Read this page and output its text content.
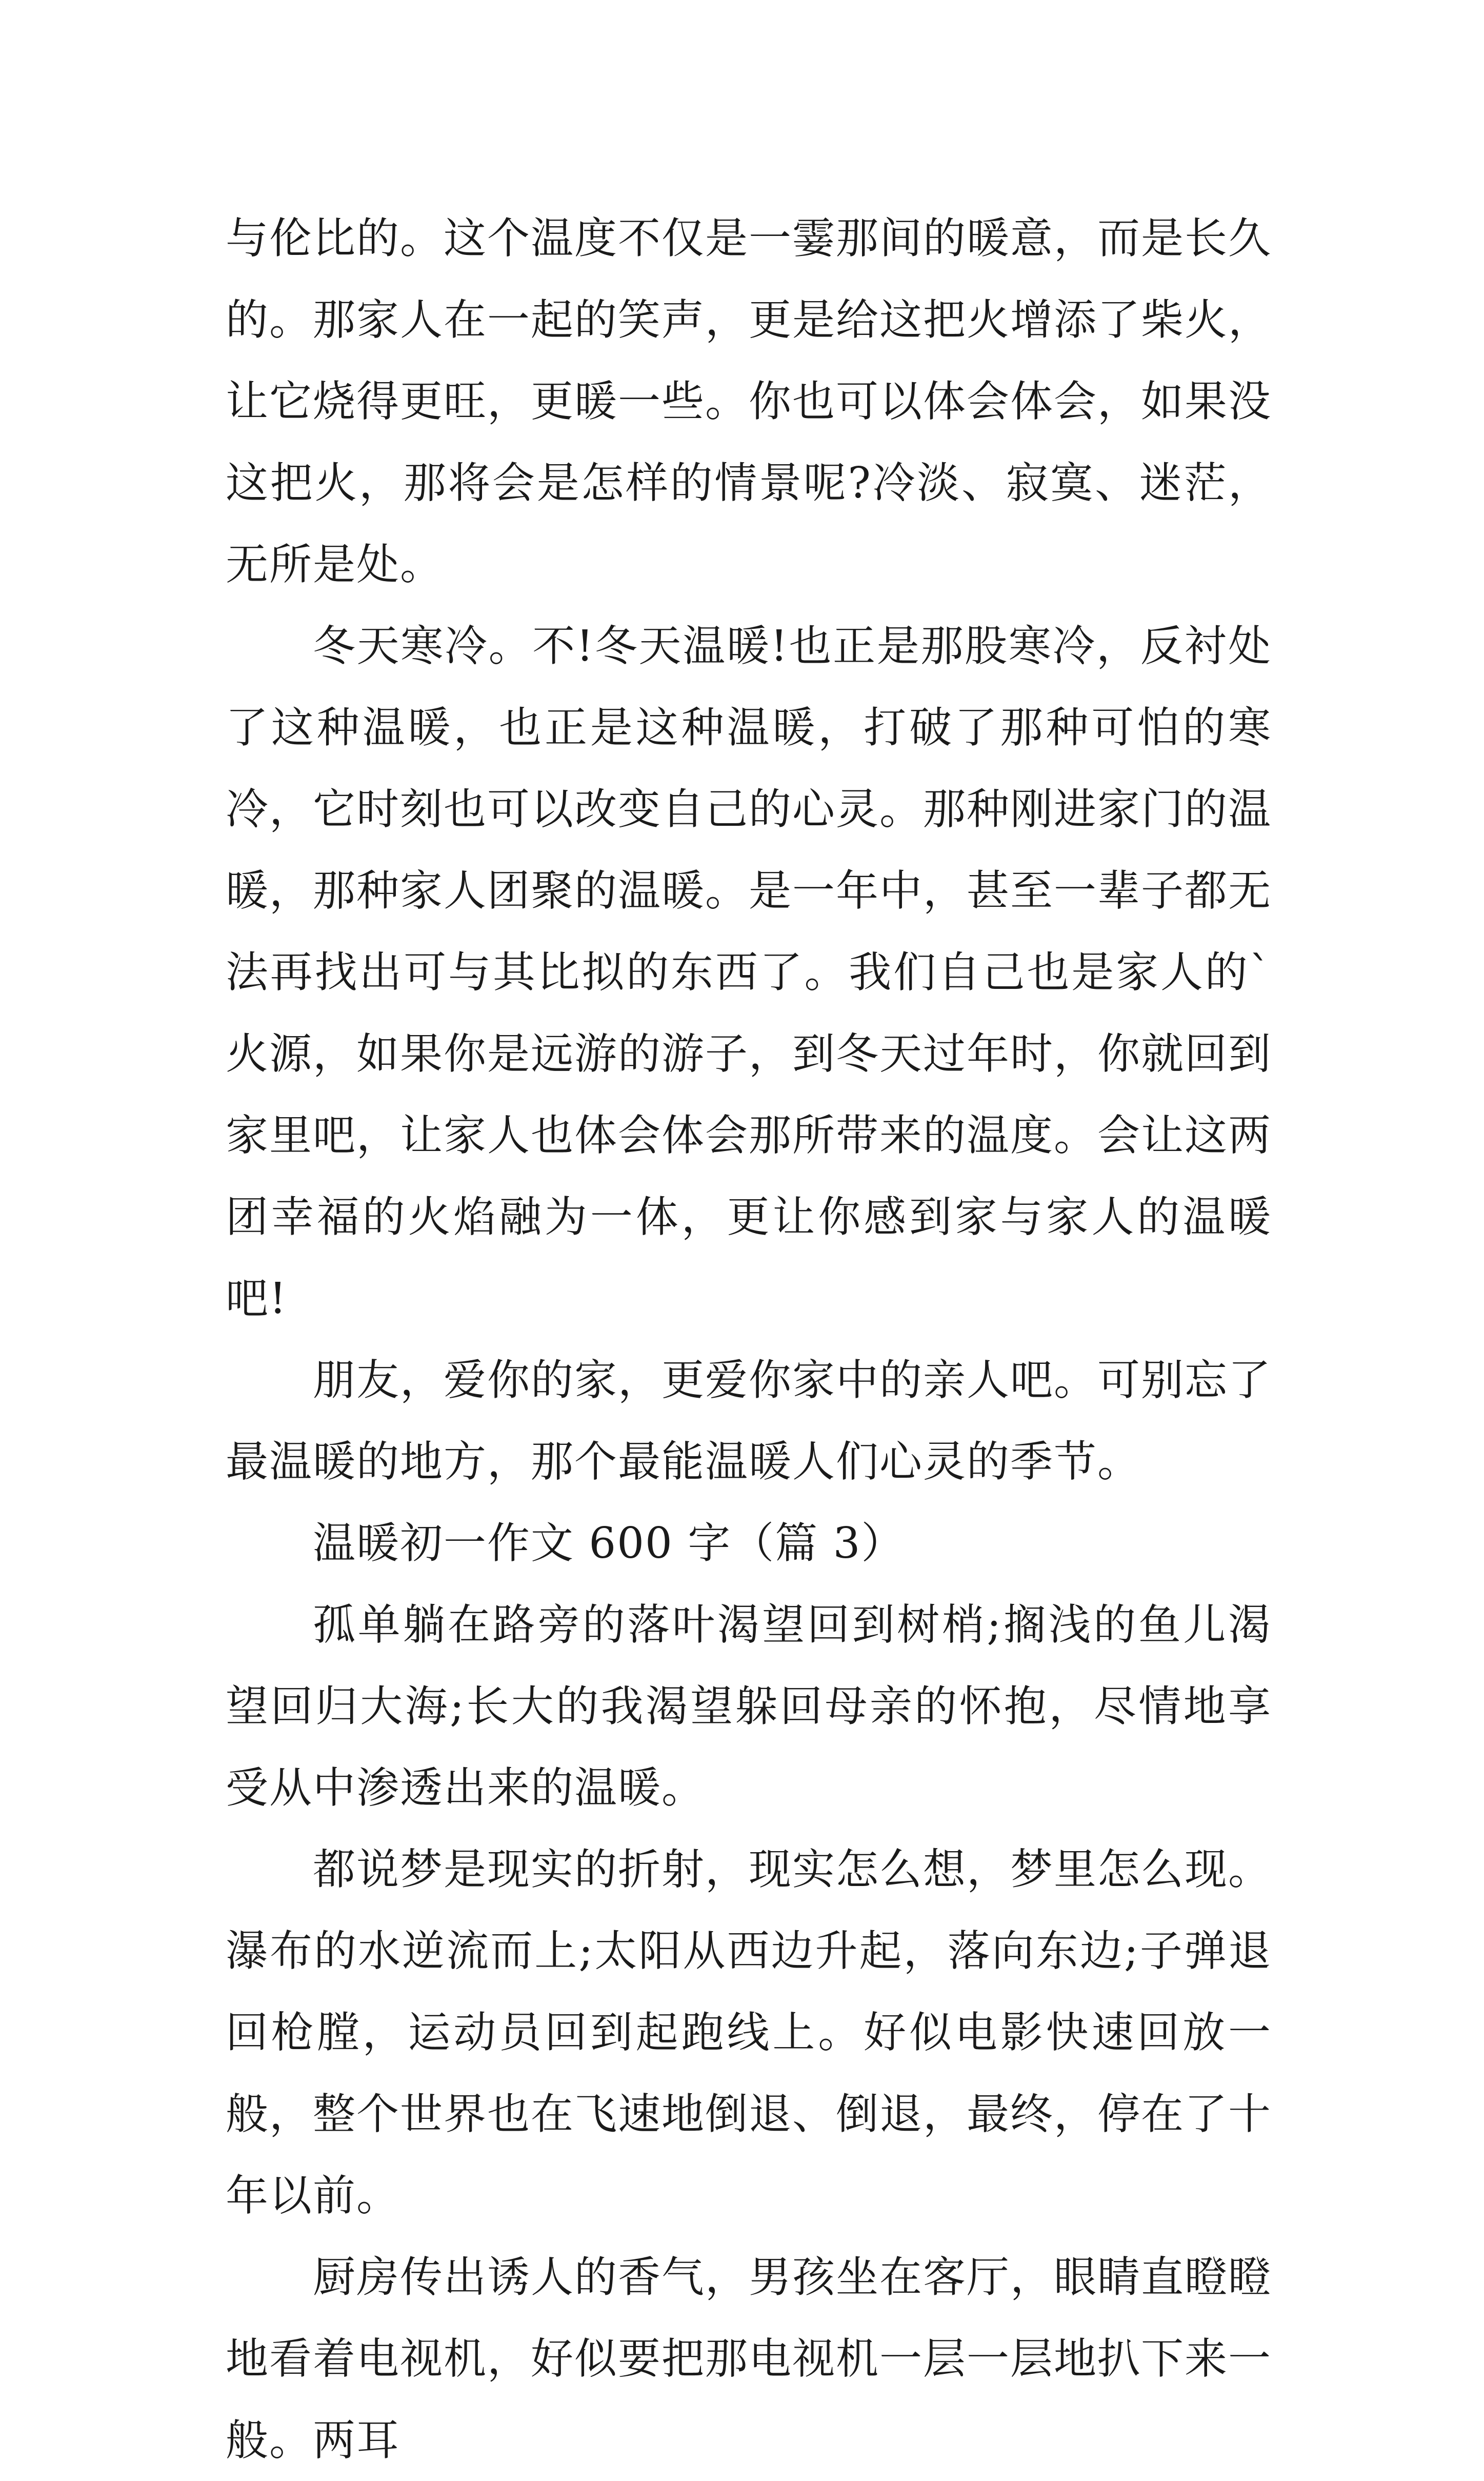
与伦比的。这个温度不仅是一霎那间的暖意，而是长久的。那家人在一起的笑声，更是给这把火增添了柴火，让它烧得更旺，更暖一些。你也可以体会体会，如果没这把火，那将会是怎样的情景呢?冷淡、寂寞、迷茫，无所是处。

冬天寒冷。不!冬天温暖!也正是那股寒冷，反衬处了这种温暖，也正是这种温暖，打破了那种可怕的寒冷，它时刻也可以改变自己的心灵。那种刚进家门的温暖，那种家人团聚的温暖。是一年中，甚至一辈子都无法再找出可与其比拟的东西了。我们自己也是家人的`火源，如果你是远游的游子，到冬天过年时，你就回到家里吧，让家人也体会体会那所带来的温度。会让这两团幸福的火焰融为一体，更让你感到家与家人的温暖吧!

朋友，爱你的家，更爱你家中的亲人吧。可别忘了最温暖的地方，那个最能温暖人们心灵的季节。

温暖初一作文 600 字（篇 3）

孤单躺在路旁的落叶渴望回到树梢;搁浅的鱼儿渴望回归大海;长大的我渴望躲回母亲的怀抱，尽情地享受从中渗透出来的温暖。

都说梦是现实的折射，现实怎么想，梦里怎么现。瀑布的水逆流而上;太阳从西边升起，落向东边;子弹退回枪膛，运动员回到起跑线上。好似电影快速回放一般，整个世界也在飞速地倒退、倒退，最终，停在了十年以前。

厨房传出诱人的香气，男孩坐在客厅，眼睛直瞪瞪地看着电视机，好似要把那电视机一层一层地扒下来一般。两耳
